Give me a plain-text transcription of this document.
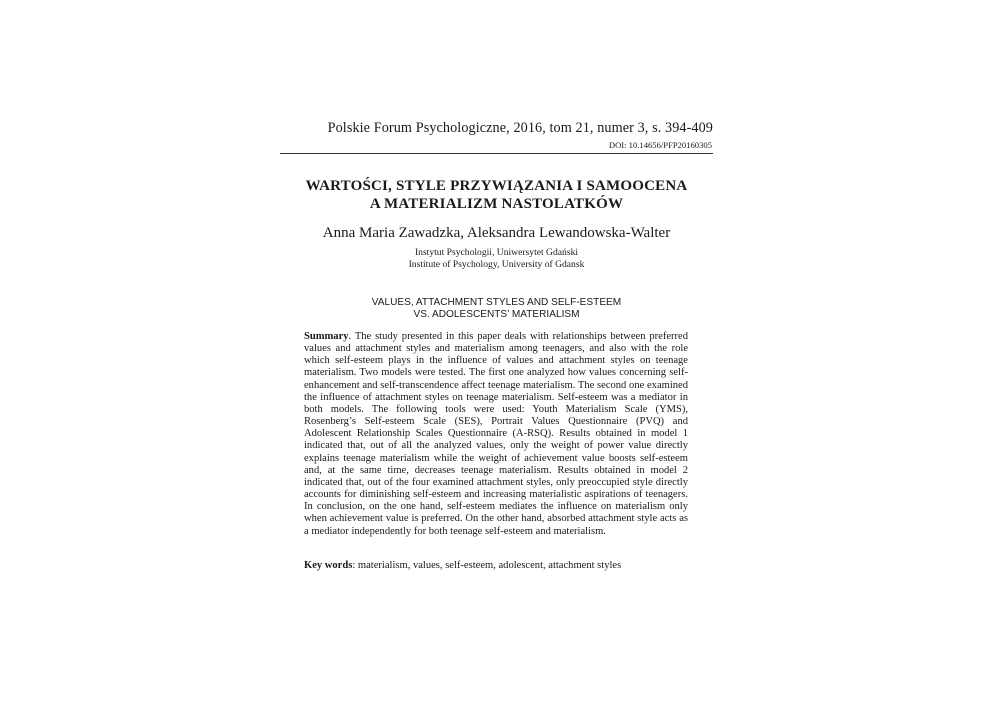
Polskie Forum Psychologiczne, 2016, tom 21, numer 3, s. 394-409
DOI: 10.14656/PFP20160305
WARTOŚCI, STYLE PRZYWIĄZANIA I SAMOOCENA
A MATERIALIZM NASTOLATKÓW
Anna Maria Zawadzka, Aleksandra Lewandowska-Walter
Instytut Psychologii, Uniwersytet Gdański
Institute of Psychology, University of Gdansk
VALUES, ATTACHMENT STYLES AND SELF-ESTEEM
VS. ADOLESCENTS’ MATERIALISM
Summary. The study presented in this paper deals with relationships between preferred values and attachment styles and materialism among teenagers, and also with the role which self-esteem plays in the influence of values and attachment styles on teenage materialism. Two models were tested. The first one analyzed how values concerning self-enhancement and self-transcendence affect teenage materialism. The second one examined the influence of attachment styles on teenage materialism. Self-esteem was a mediator in both models. The following tools were used: Youth Materialism Scale (YMS), Rosenberg’s Self-esteem Scale (SES), Portrait Values Questionnaire (PVQ) and Adolescent Relationship Scales Questionnaire (A-RSQ). Results obtained in model 1 indicated that, out of all the analyzed values, only the weight of power value directly explains teenage materialism while the weight of achievement value boosts self-esteem and, at the same time, decreases teenage materialism. Results obtained in model 2 indicated that, out of the four examined attachment styles, only preoccupied style directly accounts for diminishing self-esteem and increasing materialistic aspirations of teenagers. In conclusion, on the one hand, self-esteem mediates the influence on materialism only when achievement value is preferred. On the other hand, absorbed attachment style acts as a mediator independently for both teenage self-esteem and materialism.
Key words: materialism, values, self-esteem, adolescent, attachment styles
